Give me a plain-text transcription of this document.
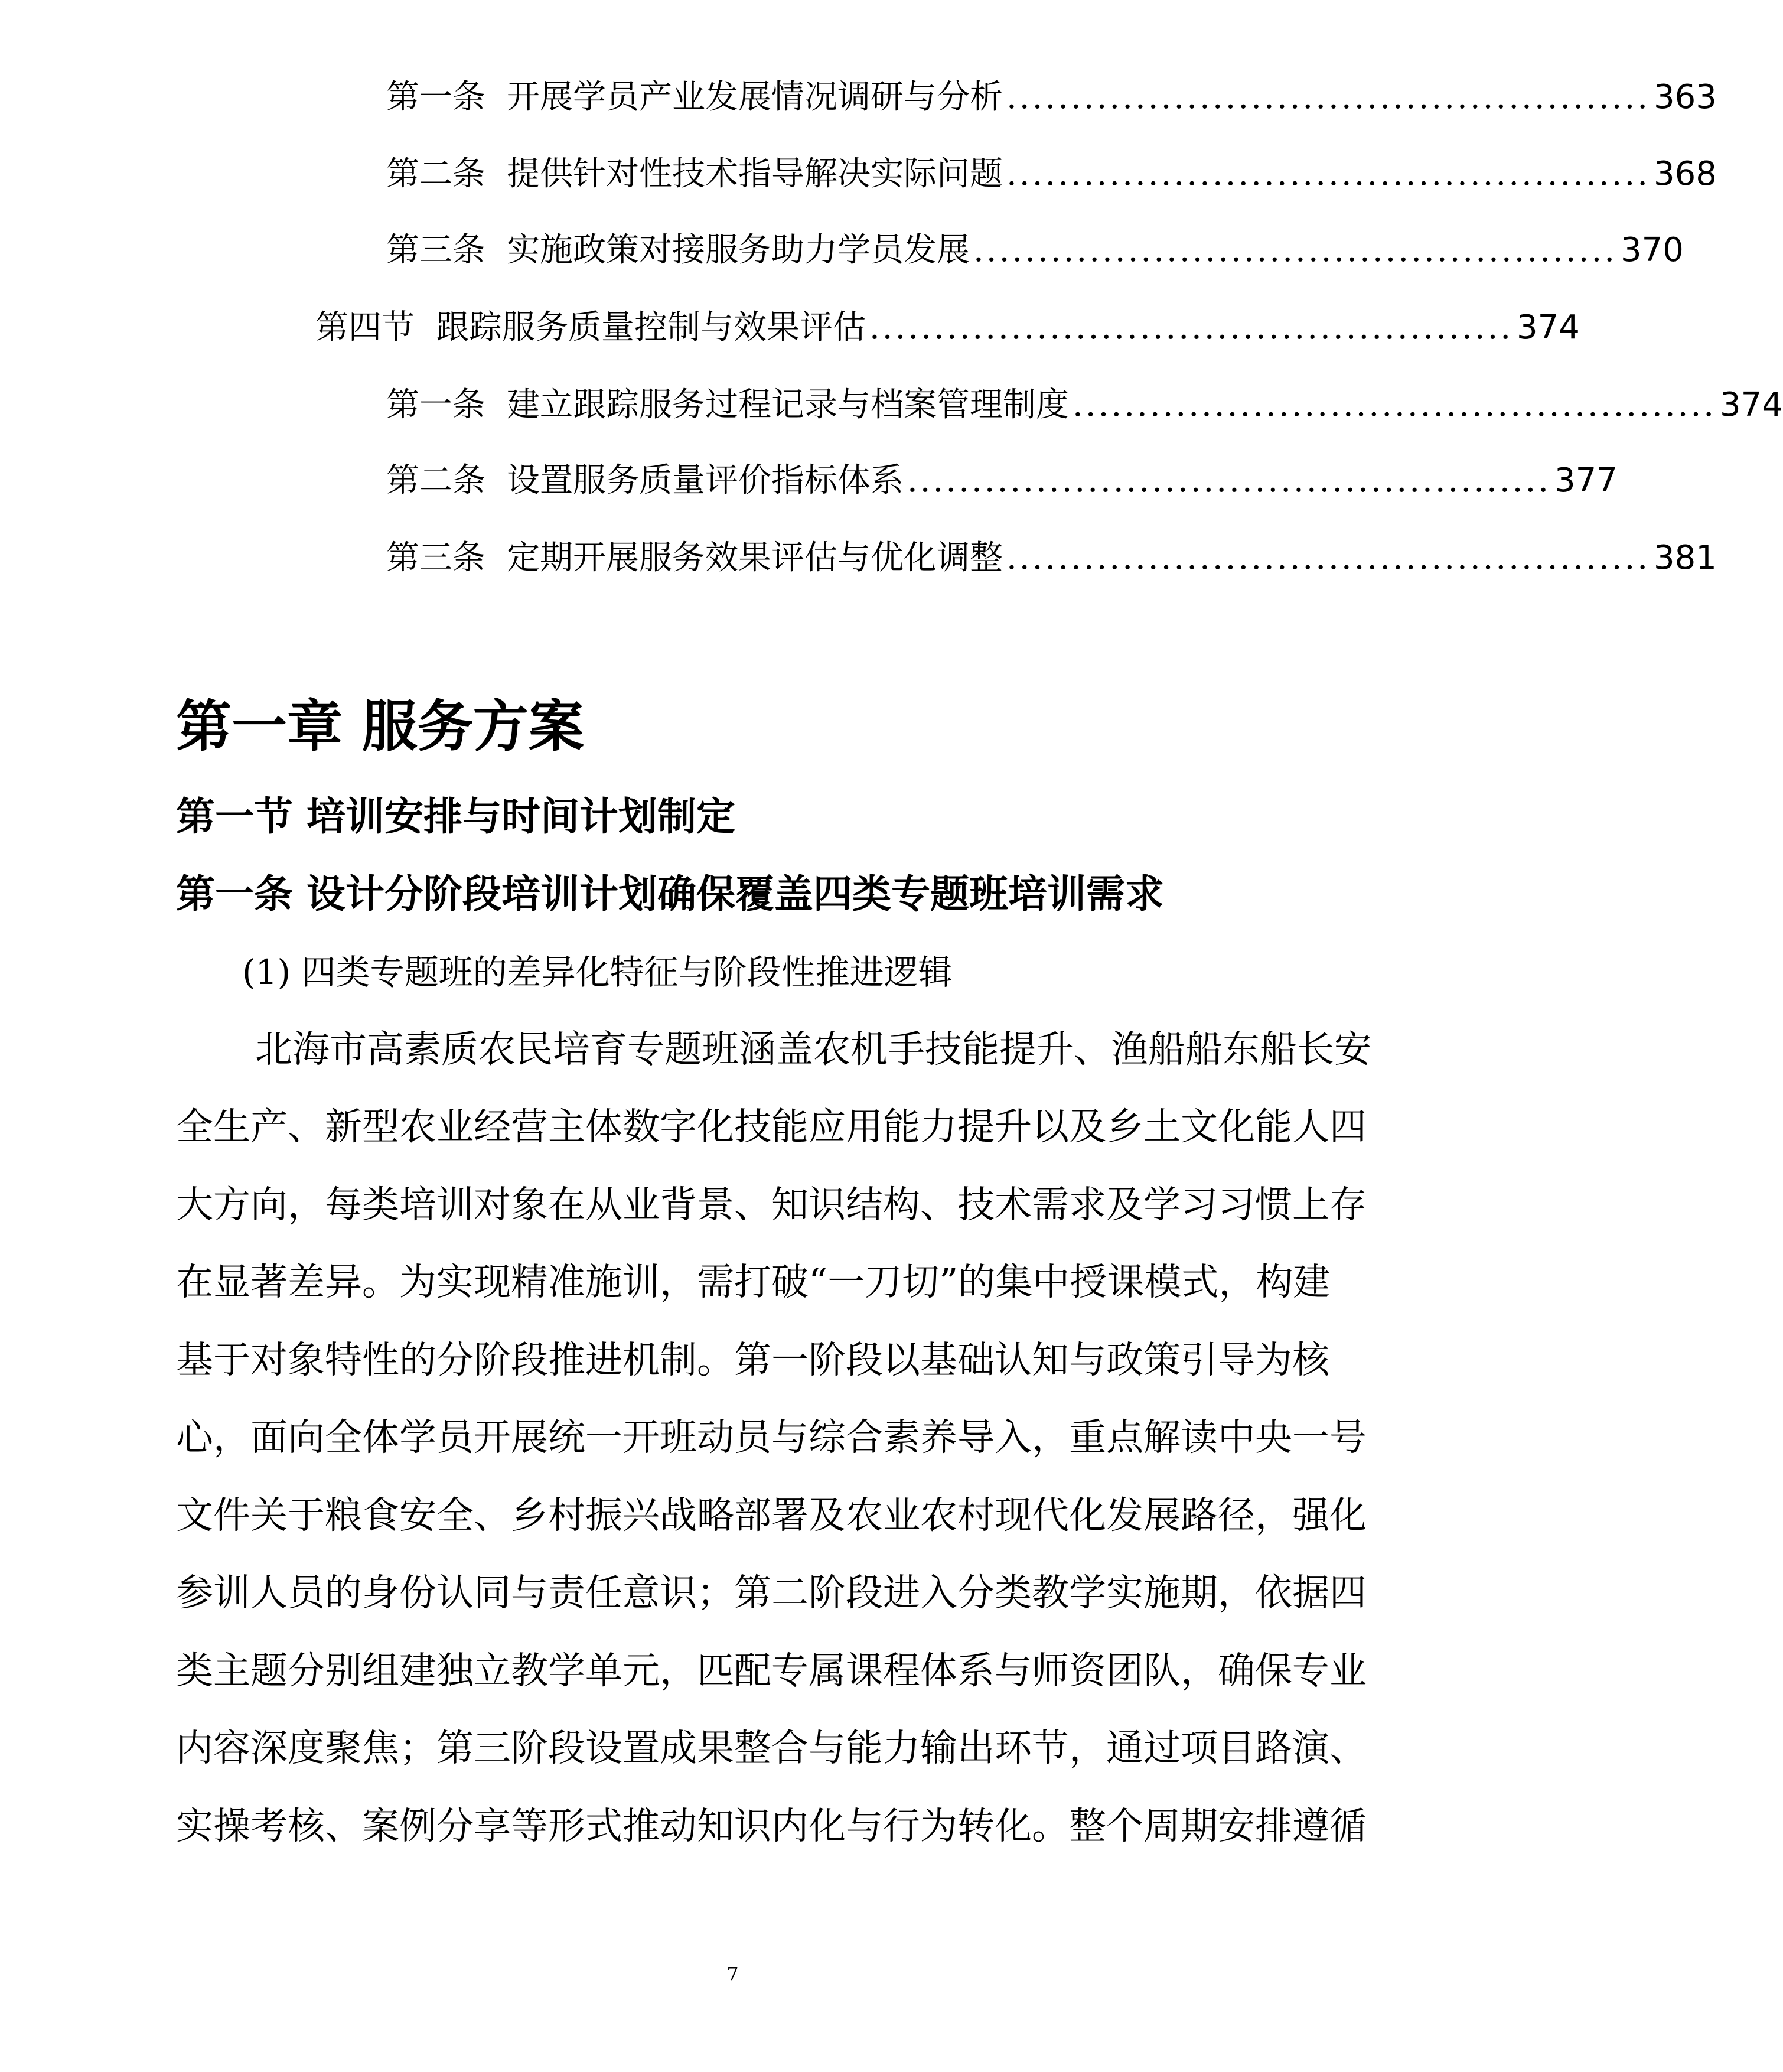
第一条 开展学员产业发展情况调研与分析 .................................................. 363
第二条 提供针对性技术指导解决实际问题 .................................................. 368
第三条 实施政策对接服务助力学员发展 .................................................. 370
第四节 跟踪服务质量控制与效果评估 .................................................. 374
第一条 建立跟踪服务过程记录与档案管理制度 .................................................. 374
第二条 设置服务质量评价指标体系 .................................................. 377
第三条 定期开展服务效果评估与优化调整 .................................................. 381
第一章 服务方案
第一节 培训安排与时间计划制定
第一条 设计分阶段培训计划确保覆盖四类专题班培训需求
(1) 四类专题班的差异化特征与阶段性推进逻辑
北海市高素质农民培育专题班涵盖农机手技能提升、渔船船东船长安
全生产、新型农业经营主体数字化技能应用能力提升以及乡土文化能人四
大方向，每类培训对象在从业背景、知识结构、技术需求及学习习惯上存
在显著差异。为实现精准施训，需打破“一刀切”的集中授课模式，构建
基于对象特性的分阶段推进机制。第一阶段以基础认知与政策引导为核
心，面向全体学员开展统一开班动员与综合素养导入，重点解读中央一号
文件关于粮食安全、乡村振兴战略部署及农业农村现代化发展路径，强化
参训人员的身份认同与责任意识；第二阶段进入分类教学实施期，依据四
类主题分别组建独立教学单元，匹配专属课程体系与师资团队，确保专业
内容深度聚焦；第三阶段设置成果整合与能力输出环节，通过项目路演、
实操考核、案例分享等形式推动知识内化与行为转化。整个周期安排遵循
7
